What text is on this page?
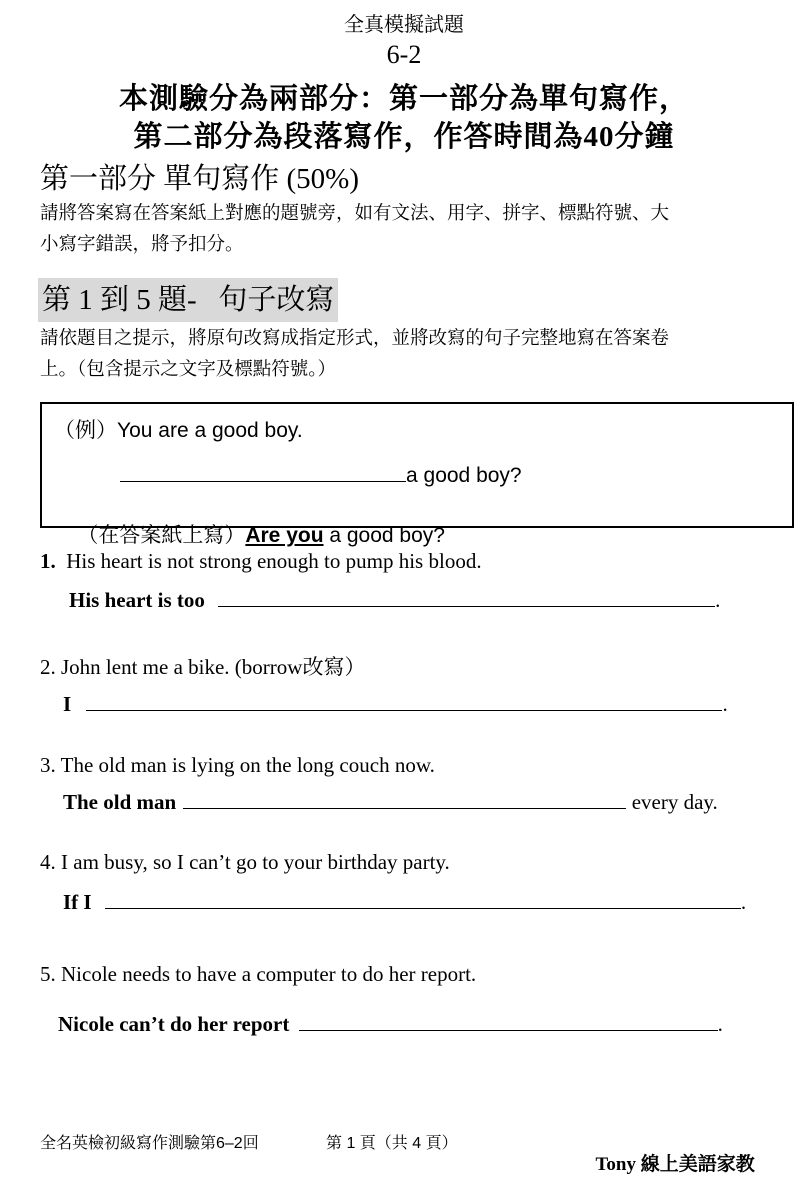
全真模擬試題
6-2
本測驗分為兩部分：第一部分為單句寫作，
第二部分為段落寫作，作答時間為40分鐘
第一部分 單句寫作 (50%)
請將答案寫在答案紙上對應的題號旁，如有文法、用字、拼字、標點符號、大
小寫字錯誤，將予扣分。
第 1 到 5 題-   句子改寫
請依題目之提示，將原句改寫成指定形式，並將改寫的句子完整地寫在答案卷
上。（包含提示之文字及標點符號。）
（例）You are a good boy.
a good boy?

（在答案紙上寫）Are you a good boy?

1. His heart is not strong enough to pump his blood.
His heart is too	.
2. John lent me a bike. (borrow改寫）
I	.
3. The old man is lying on the long couch now.
The old man	every day.
4. I am busy, so I can’t go to your birthday party.
If I	.
5. Nicole needs to have a computer to do her report.
Nicole can’t do her report	.
全名英檢初級寫作測驗第6–2回	第 1 頁（共 4 頁）

Tony 線上美語家教
